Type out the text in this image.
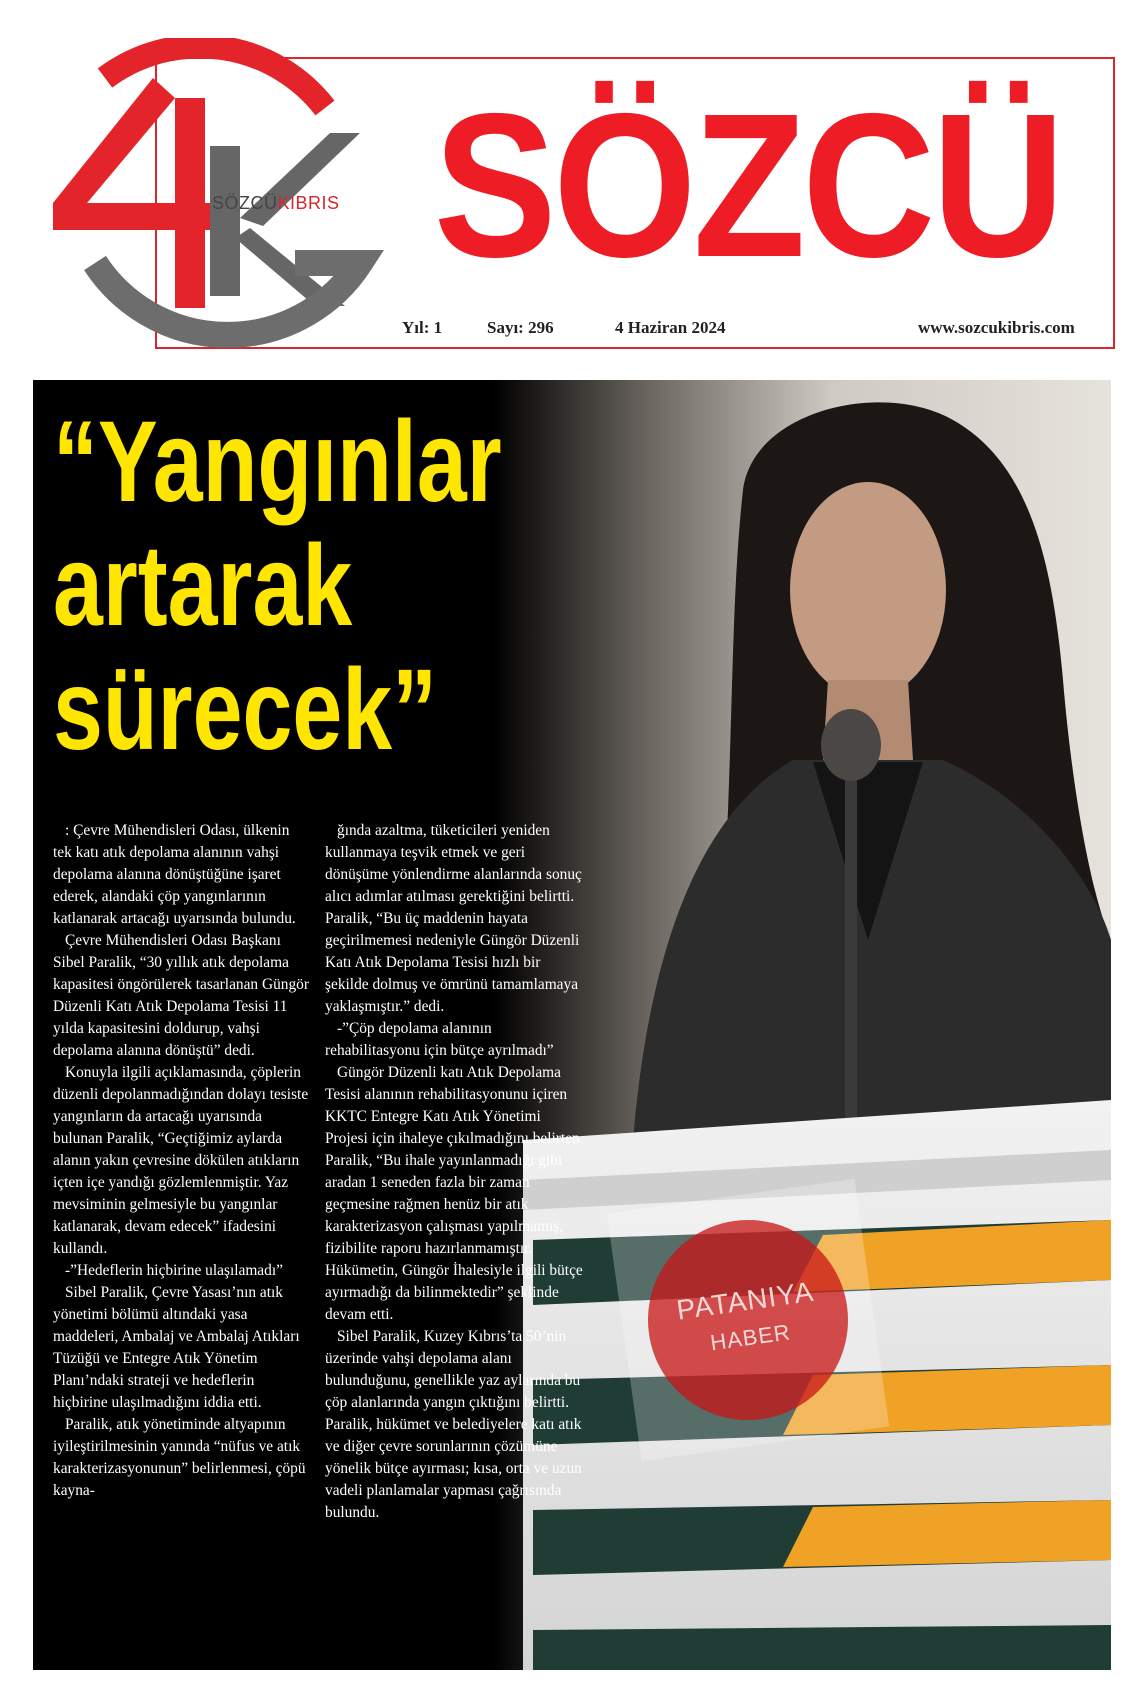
SÖZCÜKIBRIS SÖZCÜ
Yıl: 1	Sayı: 296	4 Haziran 2024	www.sozcukibris.com
“Yangınlar
artarak
sürecek”

: Çevre Mühendisleri Odası, ülkenin tek katı atık depolama alanının vahşi depolama alanına dönüştüğüne işaret ederek, alandaki çöp yangınlarının katlanarak artacağı uyarısında bulundu.

Çevre Mühendisleri Odası Başkanı Sibel Paralik, “30 yıllık atık depolama kapasitesi öngörülerek tasarlanan Güngör Düzenli Katı Atık Depolama Tesisi 11 yılda kapasitesini doldurup, vahşi depolama alanına dönüştü” dedi.

Konuyla ilgili açıklamasında, çöplerin düzenli depolanmadığından dolayı tesiste yangınların da artacağı uyarısında bulunan Paralik, “Geçtiğimiz aylarda alanın yakın çevresine dökülen atıkların içten içe yandığı gözlemlenmiştir. Yaz mevsiminin gelmesiyle bu yangınlar katlanarak, devam edecek” ifadesini kullandı.

-”Hedeflerin hiçbirine ulaşılamadı”

Sibel Paralik, Çevre Yasası’nın atık yönetimi bölümü altındaki yasa maddeleri, Ambalaj ve Ambalaj Atıkları Tüzüğü ve Entegre Atık Yönetim Planı’ndaki strateji ve hedeflerin hiçbirine ulaşılmadığını iddia etti.

Paralik, atık yönetiminde altyapının iyileştirilmesinin yanında “nüfus ve atık karakterizasyonunun” belirlenmesi, çöpü kayna-

ğında azaltma, tüketicileri yeniden kullanmaya teşvik etmek ve geri dönüşüme yönlendirme alanlarında sonuç alıcı adımlar atılması gerektiğini belirtti. Paralik, “Bu üç maddenin hayata geçirilmemesi nedeniyle Güngör Düzenli Katı Atık Depolama Tesisi hızlı bir şekilde dolmuş ve ömrünü tamamlamaya yaklaşmıştır.” dedi.

-”Çöp depolama alanının rehabilitasyonu için bütçe ayrılmadı”

Güngör Düzenli katı Atık Depolama Tesisi alanının rehabilitasyonunu içiren KKTC Entegre Katı Atık Yönetimi Projesi için ihaleye çıkılmadığını belirten Paralik, “Bu ihale yayınlanmadığı gibi aradan 1 seneden fazla bir zaman geçmesine rağmen henüz bir atık karakterizasyon çalışması yapılmamış, fizibilite raporu hazırlanmamıştır. Hükümetin, Güngör İhalesiyle ilgili bütçe ayırmadığı da bilinmektedir” şeklinde devam etti.

Sibel Paralik, Kuzey Kıbrıs’ta 50’nin üzerinde vahşi depolama alanı bulunduğunu, genellikle yaz aylarında bu çöp alanlarında yangın çıktığını belirtti. Paralik, hükümet ve belediyelere katı atık ve diğer çevre sorunlarının çözümüne yönelik bütçe ayırması; kısa, orta ve uzun vadeli planlamalar yapması çağrısında bulundu.

PATANIYA
HABER
